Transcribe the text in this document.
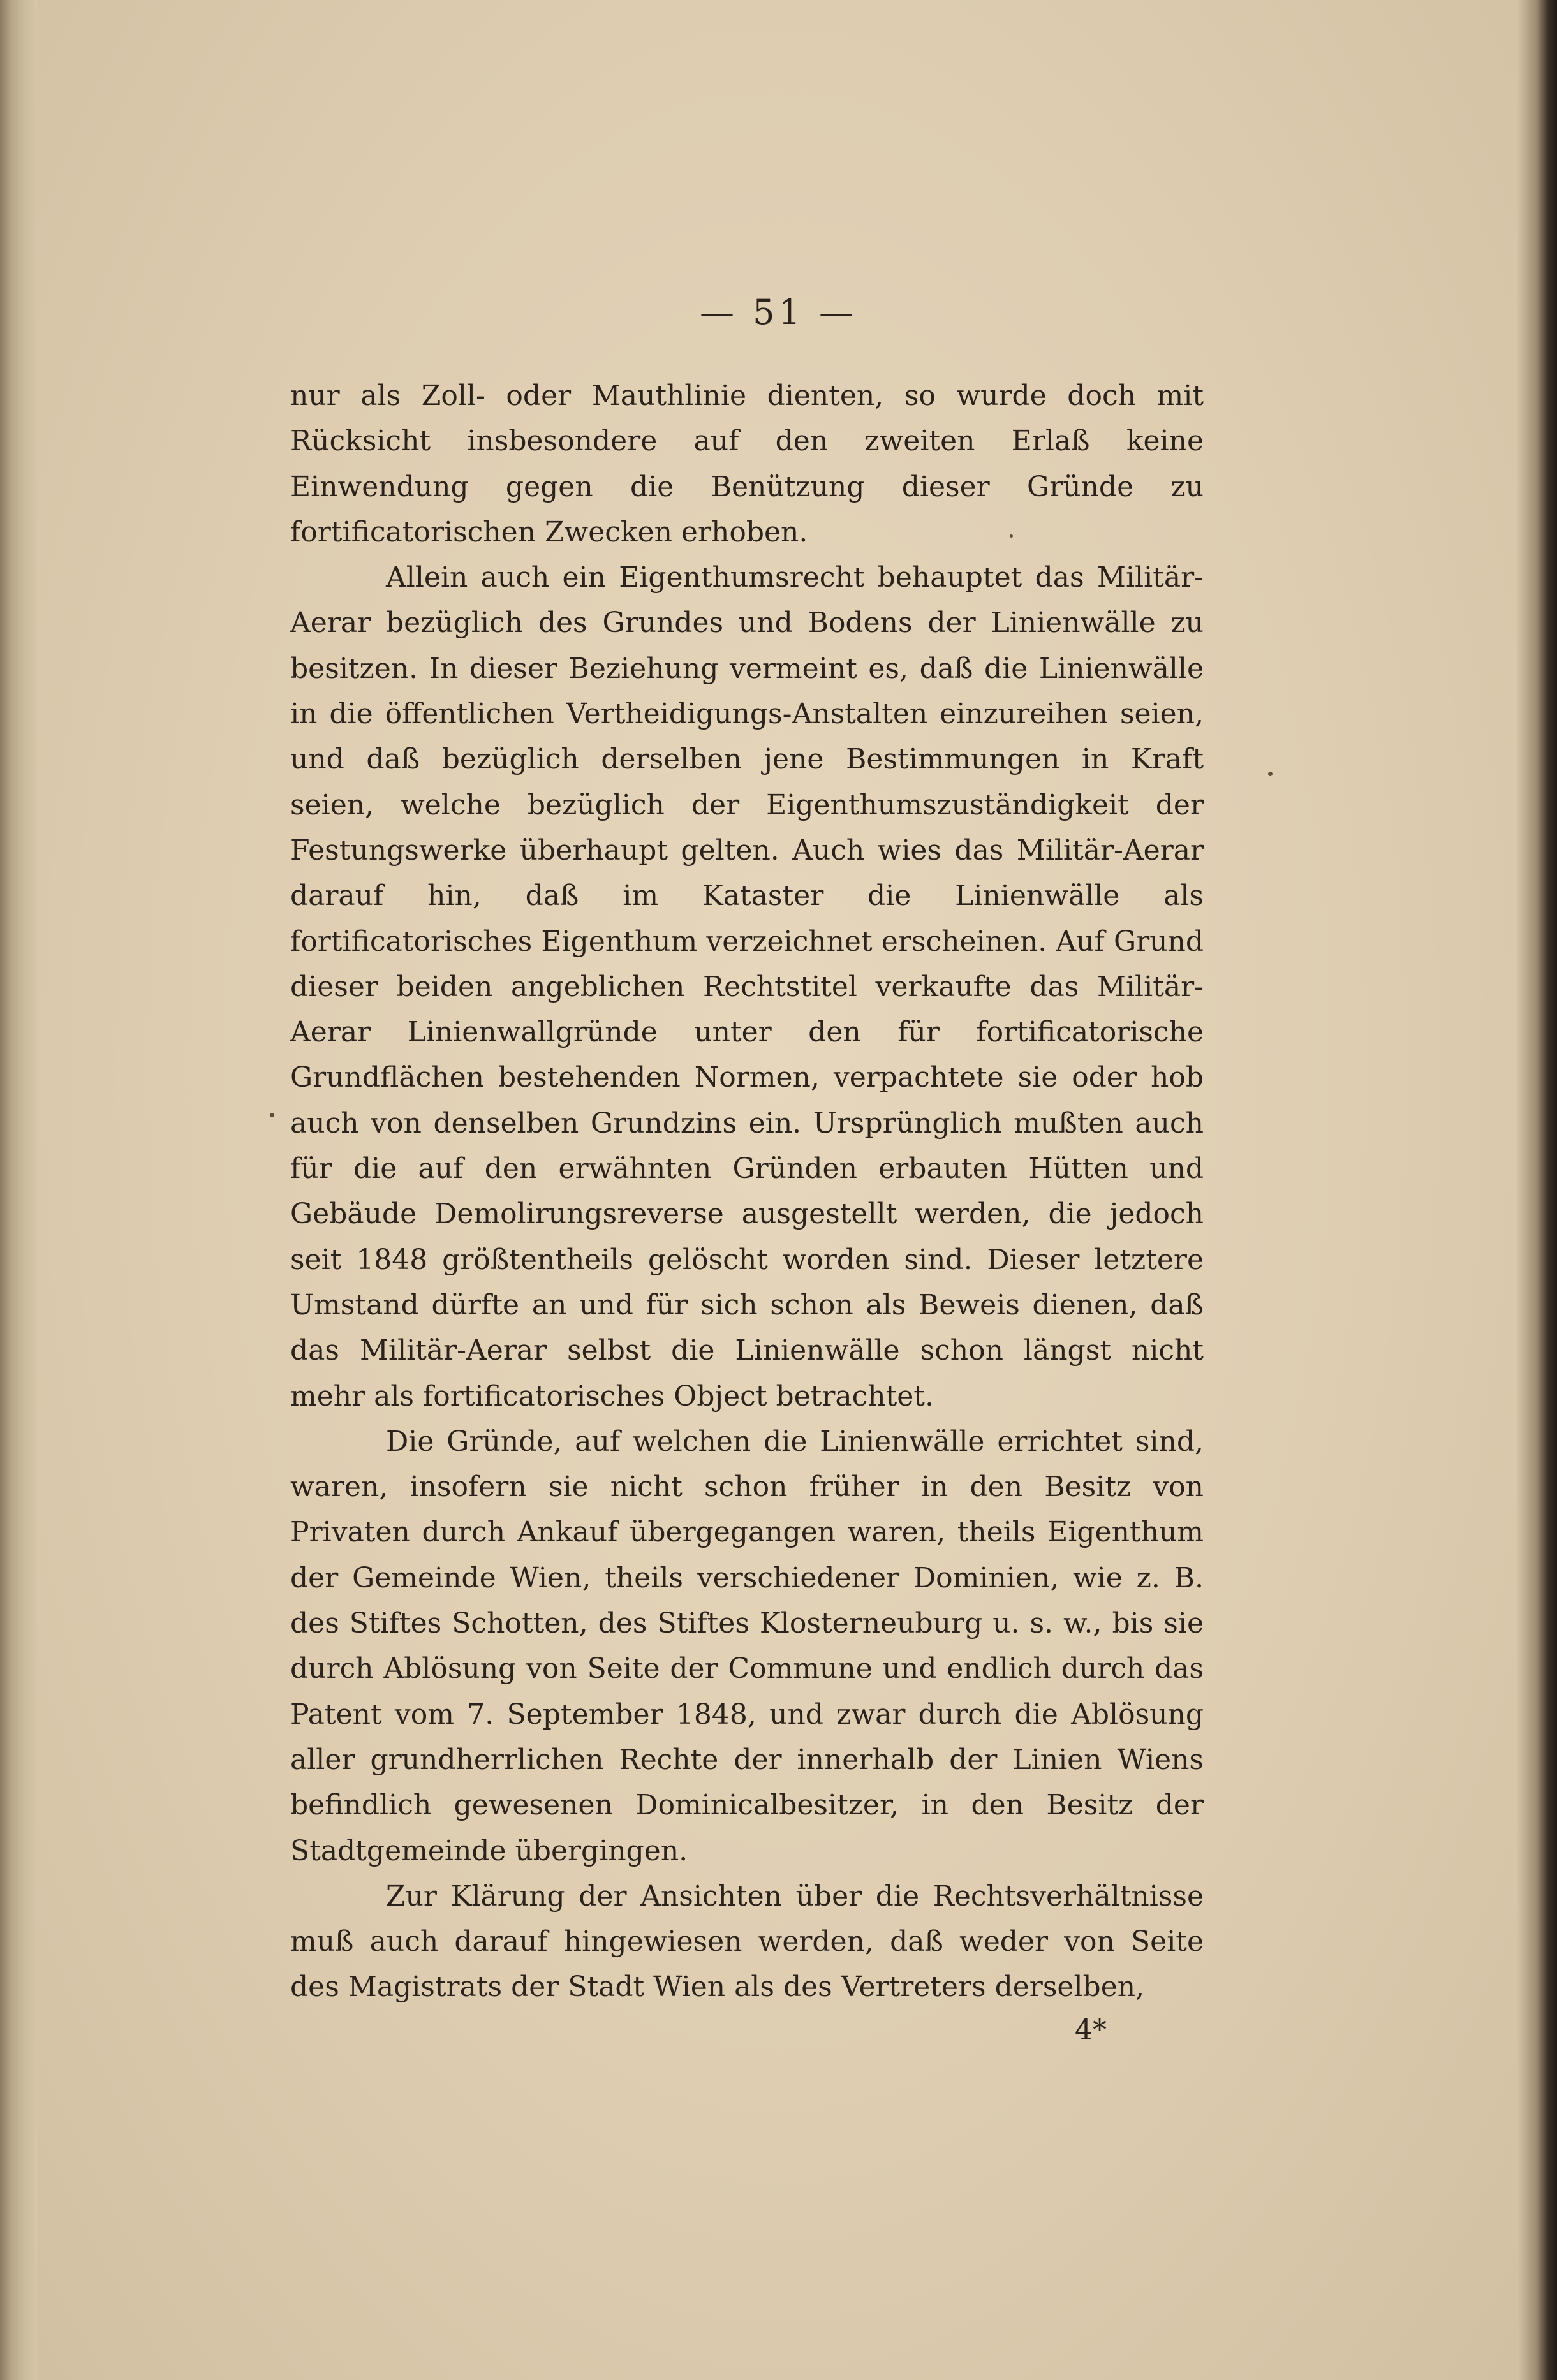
— 51 —

nur als Zoll- oder Mauthlinie dienten, so wurde doch mit Rücksicht insbesondere auf den zweiten Erlaß keine Einwendung gegen die Benützung dieser Gründe zu fortificatorischen Zwecken erhoben.

Allein auch ein Eigenthumsrecht behauptet das Militär-Aerar bezüglich des Grundes und Bodens der Linienwälle zu besitzen. In dieser Beziehung vermeint es, daß die Linienwälle in die öffentlichen Vertheidigungs-Anstalten einzureihen seien, und daß bezüglich derselben jene Bestimmungen in Kraft seien, welche bezüglich der Eigenthumszuständigkeit der Festungswerke überhaupt gelten. Auch wies das Militär-Aerar darauf hin, daß im Kataster die Linienwälle als fortificatorisches Eigenthum verzeichnet erscheinen. Auf Grund dieser beiden angeblichen Rechtstitel verkaufte das Militär-Aerar Linienwallgründe unter den für fortificatorische Grundflächen bestehenden Normen, verpachtete sie oder hob auch von denselben Grundzins ein. Ursprünglich mußten auch für die auf den erwähnten Gründen erbauten Hütten und Gebäude Demolirungsreverse ausgestellt werden, die jedoch seit 1848 größtentheils gelöscht worden sind. Dieser letztere Umstand dürfte an und für sich schon als Beweis dienen, daß das Militär-Aerar selbst die Linienwälle schon längst nicht mehr als fortificatorisches Object betrachtet.

Die Gründe, auf welchen die Linienwälle errichtet sind, waren, insofern sie nicht schon früher in den Besitz von Privaten durch Ankauf übergegangen waren, theils Eigenthum der Gemeinde Wien, theils verschiedener Dominien, wie z. B. des Stiftes Schotten, des Stiftes Klosterneuburg u. s. w., bis sie durch Ablösung von Seite der Commune und endlich durch das Patent vom 7. September 1848, und zwar durch die Ablösung aller grundherrlichen Rechte der innerhalb der Linien Wiens befindlich gewesenen Dominicalbesitzer, in den Besitz der Stadtgemeinde übergingen.

Zur Klärung der Ansichten über die Rechtsverhältnisse muß auch darauf hingewiesen werden, daß weder von Seite des Magistrats der Stadt Wien als des Vertreters derselben,

4*
